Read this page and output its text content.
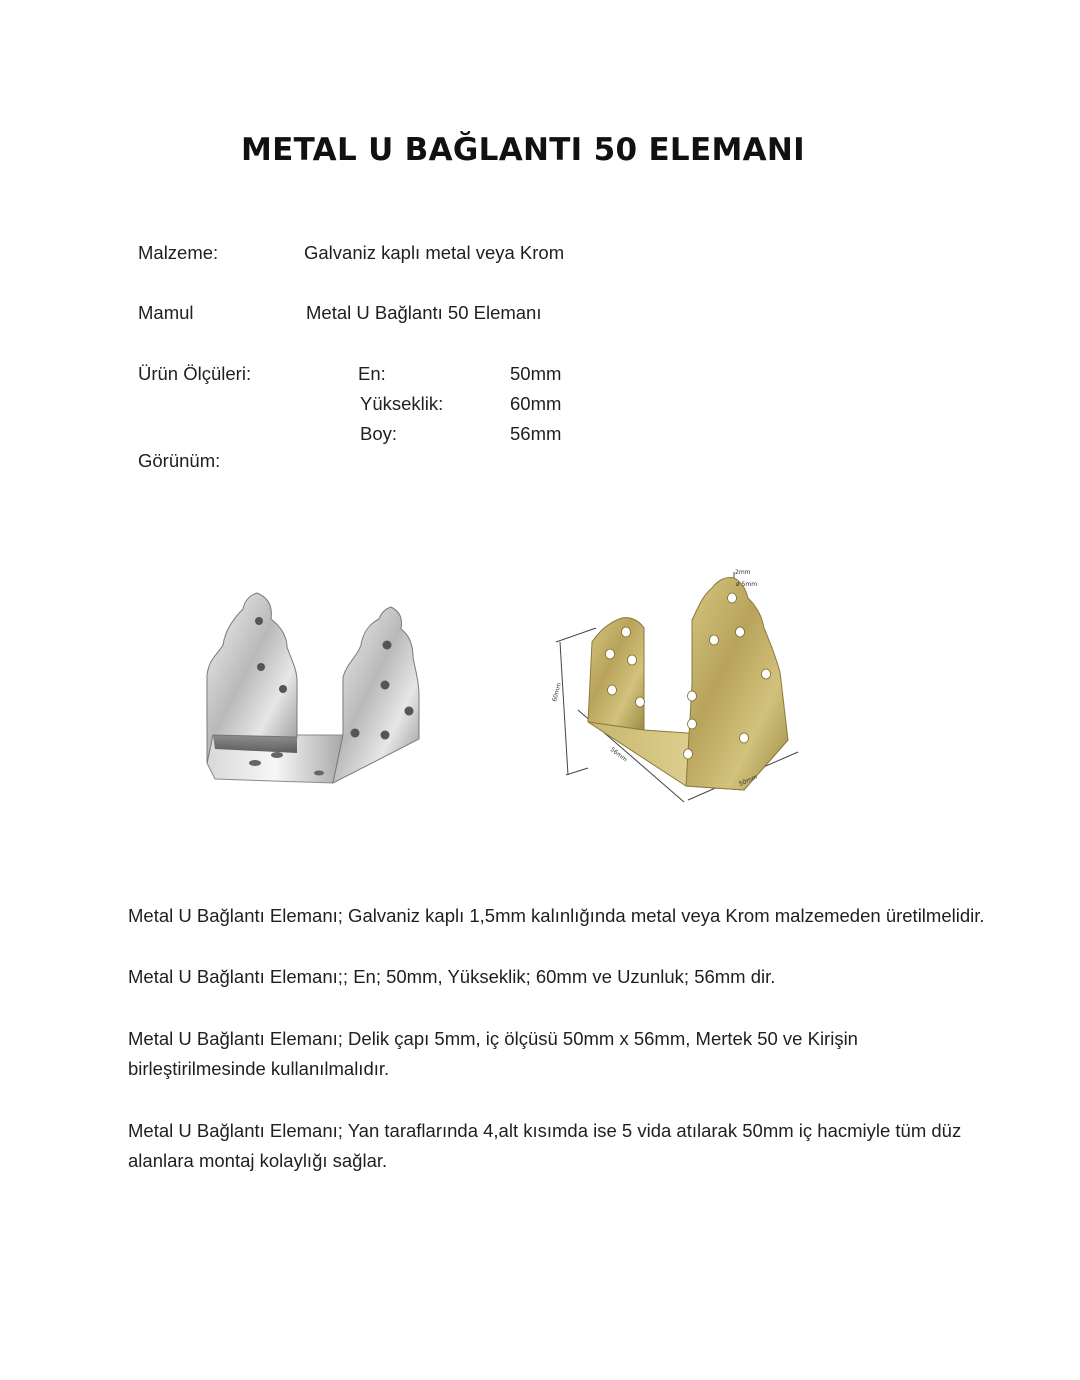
METAL U BAĞLANTI 50 ELEMANI
Malzeme:	Galvaniz kaplı metal veya Krom
Mamul	Metal U Bağlantı 50 Elemanı
Ürün Ölçüleri:	En:	50mm
Yükseklik:	60mm
Boy:	56mm
Görünüm:
2mm
ø 5mm
60mm
56mm
50mm
Metal U Bağlantı Elemanı; Galvaniz kaplı 1,5mm kalınlığında metal veya Krom malzemeden üretilmelidir.
Metal U Bağlantı Elemanı;; En; 50mm, Yükseklik; 60mm ve Uzunluk; 56mm dir.
Metal U Bağlantı Elemanı; Delik çapı 5mm, iç ölçüsü 50mm x 56mm, Mertek 50 ve Kirişin birleştirilmesinde kullanılmalıdır.
Metal U Bağlantı Elemanı; Yan taraflarında 4,alt kısımda ise 5 vida atılarak 50mm iç hacmiyle tüm düz alanlara montaj kolaylığı sağlar.
